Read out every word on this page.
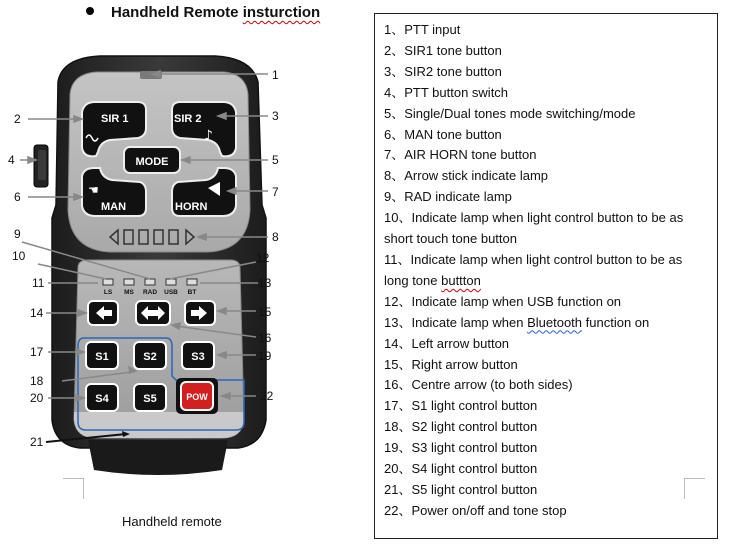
Handheld Remote insturction
SIR 1	SIR 2
♪
MODE
MAN
☚
HORN
LS MS RAD USB BT
S1	S2	S3
S4	S5	POW
1
2	3
4	5
6	7
8
9
10
11
12
13
14	15
16
17
18
19
20
21
22
Handheld remote
1、PTT input
2、SIR1 tone button
3、SIR2 tone button
4、PTT button switch
5、Single/Dual tones mode switching/mode
6、MAN tone button
7、AIR HORN tone button
8、Arrow stick indicate lamp
9、RAD indicate lamp
10、Indicate lamp when light control button to be as
short touch tone button
11、Indicate lamp when light control button to be as
long tone buttton
12、Indicate lamp when USB function on
13、Indicate lamp when Bluetooth function on
14、Left arrow button
15、Right arrow button
16、Centre arrow (to both sides)
17、S1 light control button
18、S2 light control button
19、S3 light control button
20、S4 light control button
21、S5 light control button
22、Power on/off and tone stop
